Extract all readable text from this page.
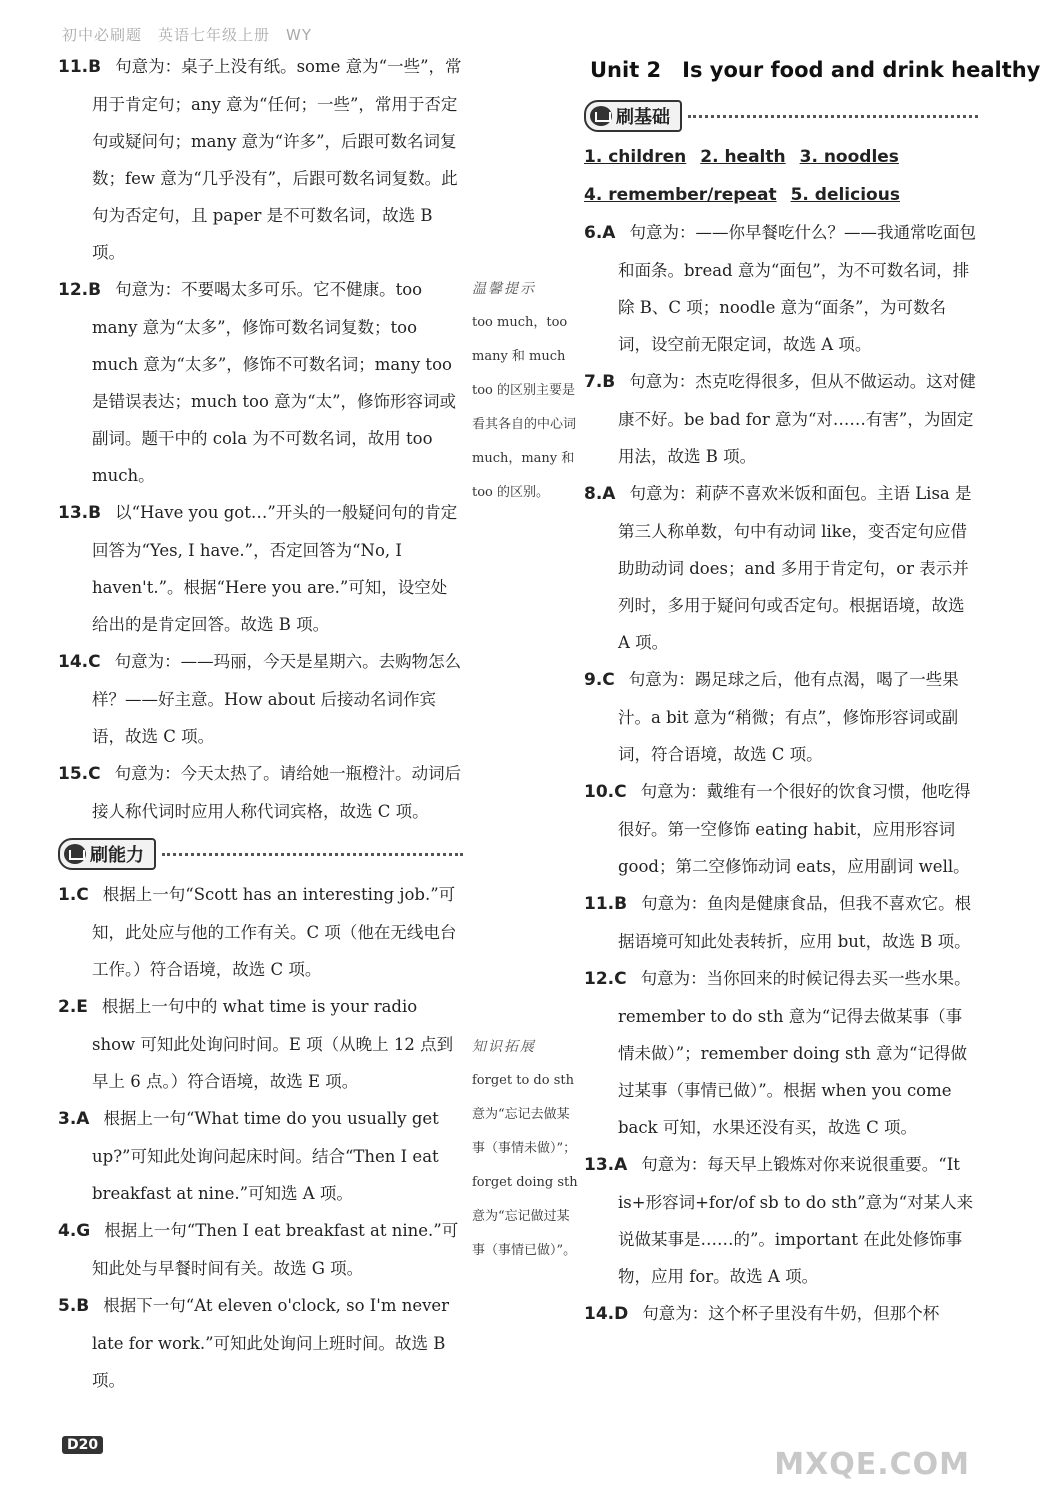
初中必刷题　英语七年级上册　WY

11.B 句意为：桌子上没有纸。some 意为“一些”，常用于肯定句；any 意为“任何；一些”，常用于否定句或疑问句；many 意为“许多”，后跟可数名词复数；few 意为“几乎没有”，后跟可数名词复数。此句为否定句，且 paper 是不可数名词，故选 B 项。

12.B 句意为：不要喝太多可乐。它不健康。too many 意为“太多”，修饰可数名词复数；too much 意为“太多”，修饰不可数名词；many too 是错误表达；much too 意为“太”，修饰形容词或副词。题干中的 cola 为不可数名词，故用 too much。

13.B 以“Have you got…”开头的一般疑问句的肯定回答为“Yes, I have.”，否定回答为“No, I haven't.”。根据“Here you are.”可知，设空处给出的是肯定回答。故选 B 项。

14.C 句意为：——玛丽，今天是星期六。去购物怎么样？——好主意。How about 后接动名词作宾语，故选 C 项。

15.C 句意为：今天太热了。请给她一瓶橙汁。动词后接人称代词时应用人称代词宾格，故选 C 项。

刷能力

1.C 根据上一句“Scott has an interesting job.”可知，此处应与他的工作有关。C 项（他在无线电台工作。）符合语境，故选 C 项。

2.E 根据上一句中的 what time is your radio show 可知此处询问时间。E 项（从晚上 12 点到早上 6 点。）符合语境，故选 E 项。

3.A 根据上一句“What time do you usually get up?”可知此处询问起床时间。结合“Then I eat breakfast at nine.”可知选 A 项。

4.G 根据上一句“Then I eat breakfast at nine.”可知此处与早餐时间有关。故选 G 项。

5.B 根据下一句“At eleven o'clock, so I'm never late for work.”可知此处询问上班时间。故选 B 项。

温馨提示
too much，too many 和 much too 的区别主要是看其各自的中心词 much，many 和 too 的区别。
知识拓展
forget to do sth 意为“忘记去做某事（事情未做）”；forget doing sth 意为“忘记做过某事（事情已做）”。
Unit 2　Is your food and drink healthy
刷基础
1. children 2. health 3. noodles
4. remember/repeat 5. delicious

6.A 句意为：——你早餐吃什么？——我通常吃面包和面条。bread 意为“面包”，为不可数名词，排除 B、C 项；noodle 意为“面条”，为可数名词，设空前无限定词，故选 A 项。

7.B 句意为：杰克吃得很多，但从不做运动。这对健康不好。be bad for 意为“对……有害”，为固定用法，故选 B 项。

8.A 句意为：莉萨不喜欢米饭和面包。主语 Lisa 是第三人称单数，句中有动词 like，变否定句应借助助动词 does；and 多用于肯定句，or 表示并列时，多用于疑问句或否定句。根据语境，故选 A 项。

9.C 句意为：踢足球之后，他有点渴，喝了一些果汁。a bit 意为“稍微；有点”，修饰形容词或副词，符合语境，故选 C 项。

10.C 句意为：戴维有一个很好的饮食习惯，他吃得很好。第一空修饰 eating habit，应用形容词 good；第二空修饰动词 eats，应用副词 well。

11.B 句意为：鱼肉是健康食品，但我不喜欢它。根据语境可知此处表转折，应用 but，故选 B 项。

12.C 句意为：当你回来的时候记得去买一些水果。remember to do sth 意为“记得去做某事（事情未做）”；remember doing sth 意为“记得做过某事（事情已做）”。根据 when you come back 可知，水果还没有买，故选 C 项。

13.A 句意为：每天早上锻炼对你来说很重要。“It is+形容词+for/of sb to do sth”意为“对某人来说做某事是……的”。important 在此处修饰事物，应用 for。故选 A 项。

14.D 句意为：这个杯子里没有牛奶，但那个杯

D20
MXQE.COM
